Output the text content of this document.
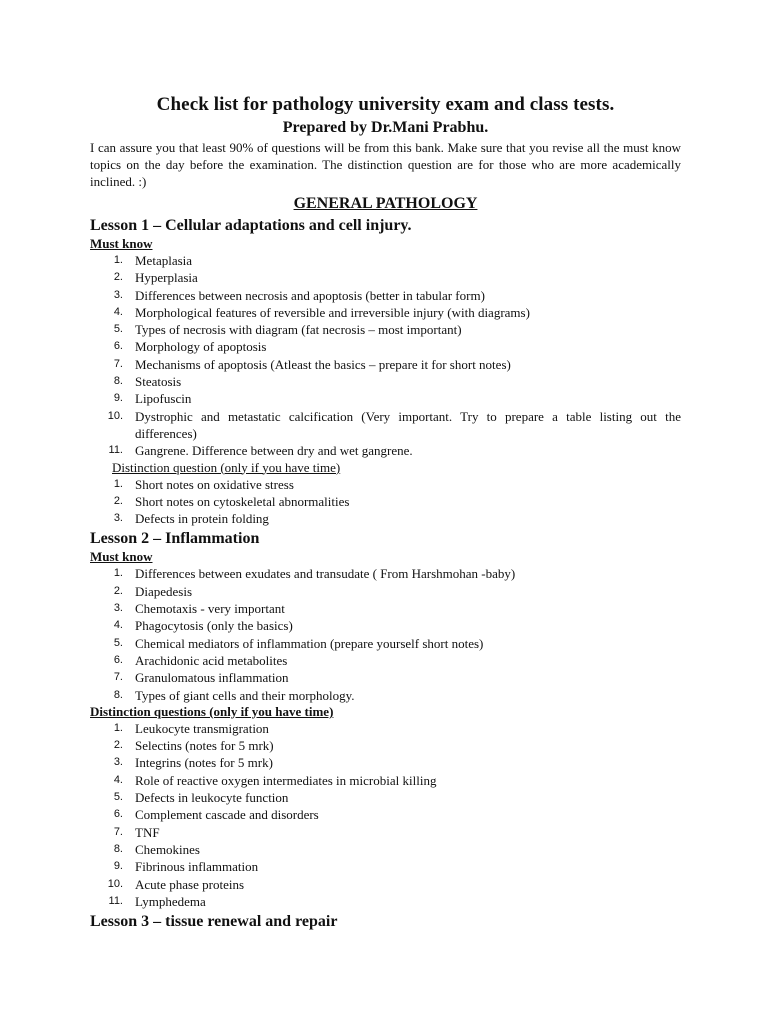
Check list for pathology university exam and class tests.

Prepared by Dr.Mani Prabhu.

I can assure you that least 90% of questions will be from this bank. Make sure that you revise all the must know topics on the day before the examination. The distinction question are for those who are more academically inclined. :)

GENERAL PATHOLOGY
Lesson 1 – Cellular adaptations and cell injury.

Must know

1. Metaplasia
2. Hyperplasia
3. Differences between necrosis and apoptosis (better in tabular form)
4. Morphological features of reversible and irreversible injury (with diagrams)
5. Types of necrosis with diagram (fat necrosis – most important)
6. Morphology of apoptosis
7. Mechanisms of apoptosis (Atleast the basics – prepare it for short notes)
8. Steatosis
9. Lipofuscin
10. Dystrophic and metastatic calcification (Very important. Try to prepare a table listing out the differences)
11. Gangrene. Difference between dry and wet gangrene.

Distinction question (only if you have time)

1. Short notes on oxidative stress
2. Short notes on cytoskeletal abnormalities
3. Defects in protein folding
Lesson 2 – Inflammation

Must know

1. Differences between exudates and transudate ( From Harshmohan -baby)
2. Diapedesis
3. Chemotaxis - very important
4. Phagocytosis (only the basics)
5. Chemical mediators of inflammation (prepare yourself short notes)
6. Arachidonic acid metabolites
7. Granulomatous inflammation
8. Types of giant cells and their morphology.

Distinction questions (only if you have time)

1. Leukocyte transmigration
2. Selectins (notes for 5 mrk)
3. Integrins (notes for 5 mrk)
4. Role of reactive oxygen intermediates in microbial killing
5. Defects in leukocyte function
6. Complement cascade and disorders
7. TNF
8. Chemokines
9. Fibrinous inflammation
10. Acute phase proteins
11. Lymphedema
Lesson 3 – tissue renewal and repair
